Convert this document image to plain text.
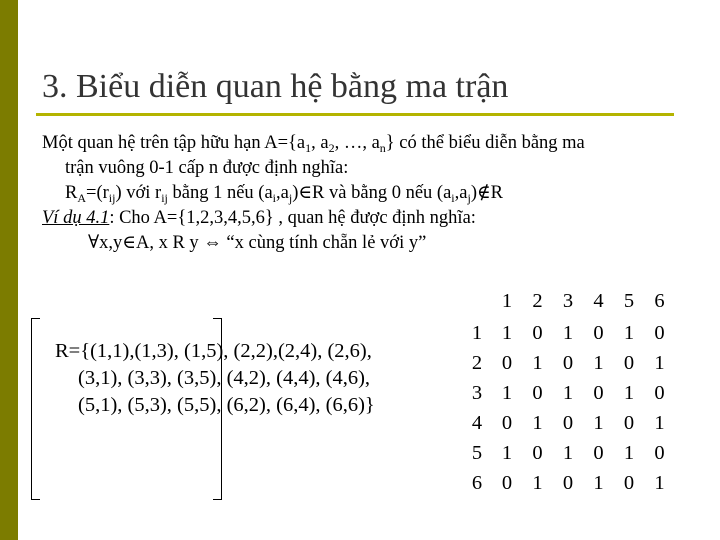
3. Biểu diễn quan hệ bằng ma trận
Một quan hệ trên tập hữu hạn $A=\{a_1$, $a_2$, …, $a_n$} có thể biểu diễn bằng ma
trận vuông 0-1 cấp n được định nghĩa:
$R_A=(r_{ij})$ với $r_{ij}$ bằng 1 nếu $(a_i,a_j)\in R$ và bằng 0 nếu $(a_i,a_j)\notin R$
Ví dụ 4.1: Cho A={1,2,3,4,5,6} , quan hệ được định nghĩa:
∀x,y∈A, x R y ⇔ “x cùng tính chẵn lẻ với y”
R={(1,1),(1,3), (1,5), (2,2),(2,4), (2,6),
(3,1), (3,3), (3,5), (4,2), (4,4), (4,6),
(5,1), (5,3), (5,5), (6,2), (6,4), (6,6)}
1 2 3 4 5 6
1
2
3
4
5
6
1 0 1 0 1 0
0 1 0 1 0 1
1 0 1 0 1 0
0 1 0 1 0 1
1 0 1 0 1 0
0 1 0 1 0 1
